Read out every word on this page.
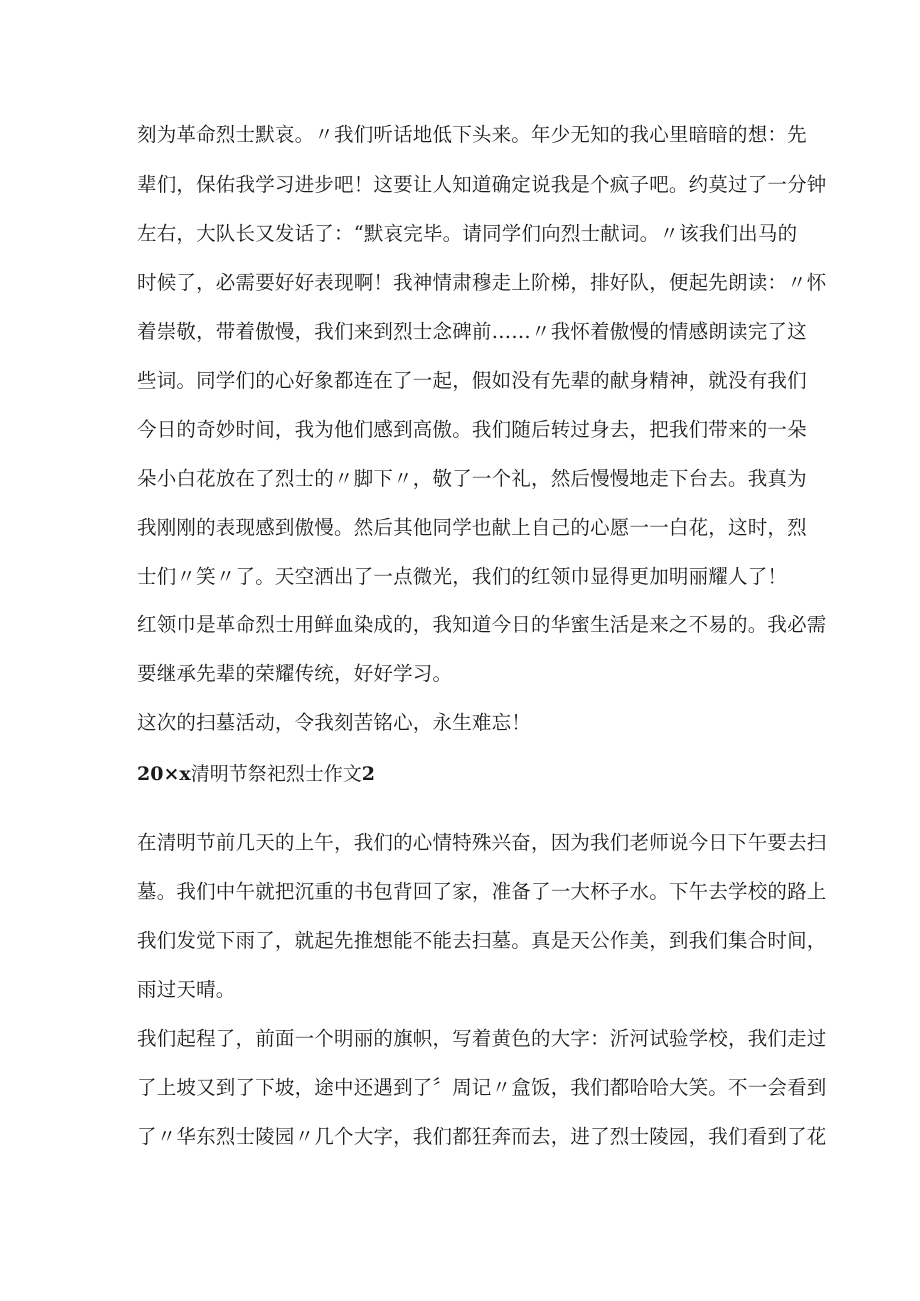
刻为革命烈士默哀。〃我们听话地低下头来。年少无知的我心里暗暗的想：先
辈们，保佑我学习进步吧！这要让人知道确定说我是个疯子吧。约莫过了一分钟
左右，大队长又发话了：“默哀完毕。请同学们向烈士献词。〃该我们出马的
时候了，必需要好好表现啊！我神情肃穆走上阶梯，排好队，便起先朗读：〃怀
着崇敬，带着傲慢，我们来到烈士念碑前……〃我怀着傲慢的情感朗读完了这
些词。同学们的心好象都连在了一起，假如没有先辈的献身精神，就没有我们
今日的奇妙时间，我为他们感到高傲。我们随后转过身去，把我们带来的一朵
朵小白花放在了烈士的〃脚下〃，敬了一个礼，然后慢慢地走下台去。我真为
我刚刚的表现感到傲慢。然后其他同学也献上自己的心愿一一白花，这时，烈
士们〃笑〃了。天空洒出了一点微光，我们的红领巾显得更加明丽耀人了！
红领巾是革命烈士用鲜血染成的，我知道今日的华蜜生活是来之不易的。我必需
要继承先辈的荣耀传统，好好学习。
这次的扫墓活动，令我刻苦铭心，永生难忘！
20×x清明节祭祀烈士作文2
在清明节前几天的上午，我们的心情特殊兴奋，因为我们老师说今日下午要去扫
墓。我们中午就把沉重的书包背回了家，准备了一大杯子水。下午去学校的路上
我们发觉下雨了，就起先推想能不能去扫墓。真是天公作美，到我们集合时间，
雨过天晴。
我们起程了，前面一个明丽的旗帜，写着黄色的大字：沂河试验学校，我们走过
了上坡又到了下坡，途中还遇到了〞周记〃盒饭，我们都哈哈大笑。不一会看到
了〃华东烈士陵园〃几个大字，我们都狂奔而去，进了烈士陵园，我们看到了花
